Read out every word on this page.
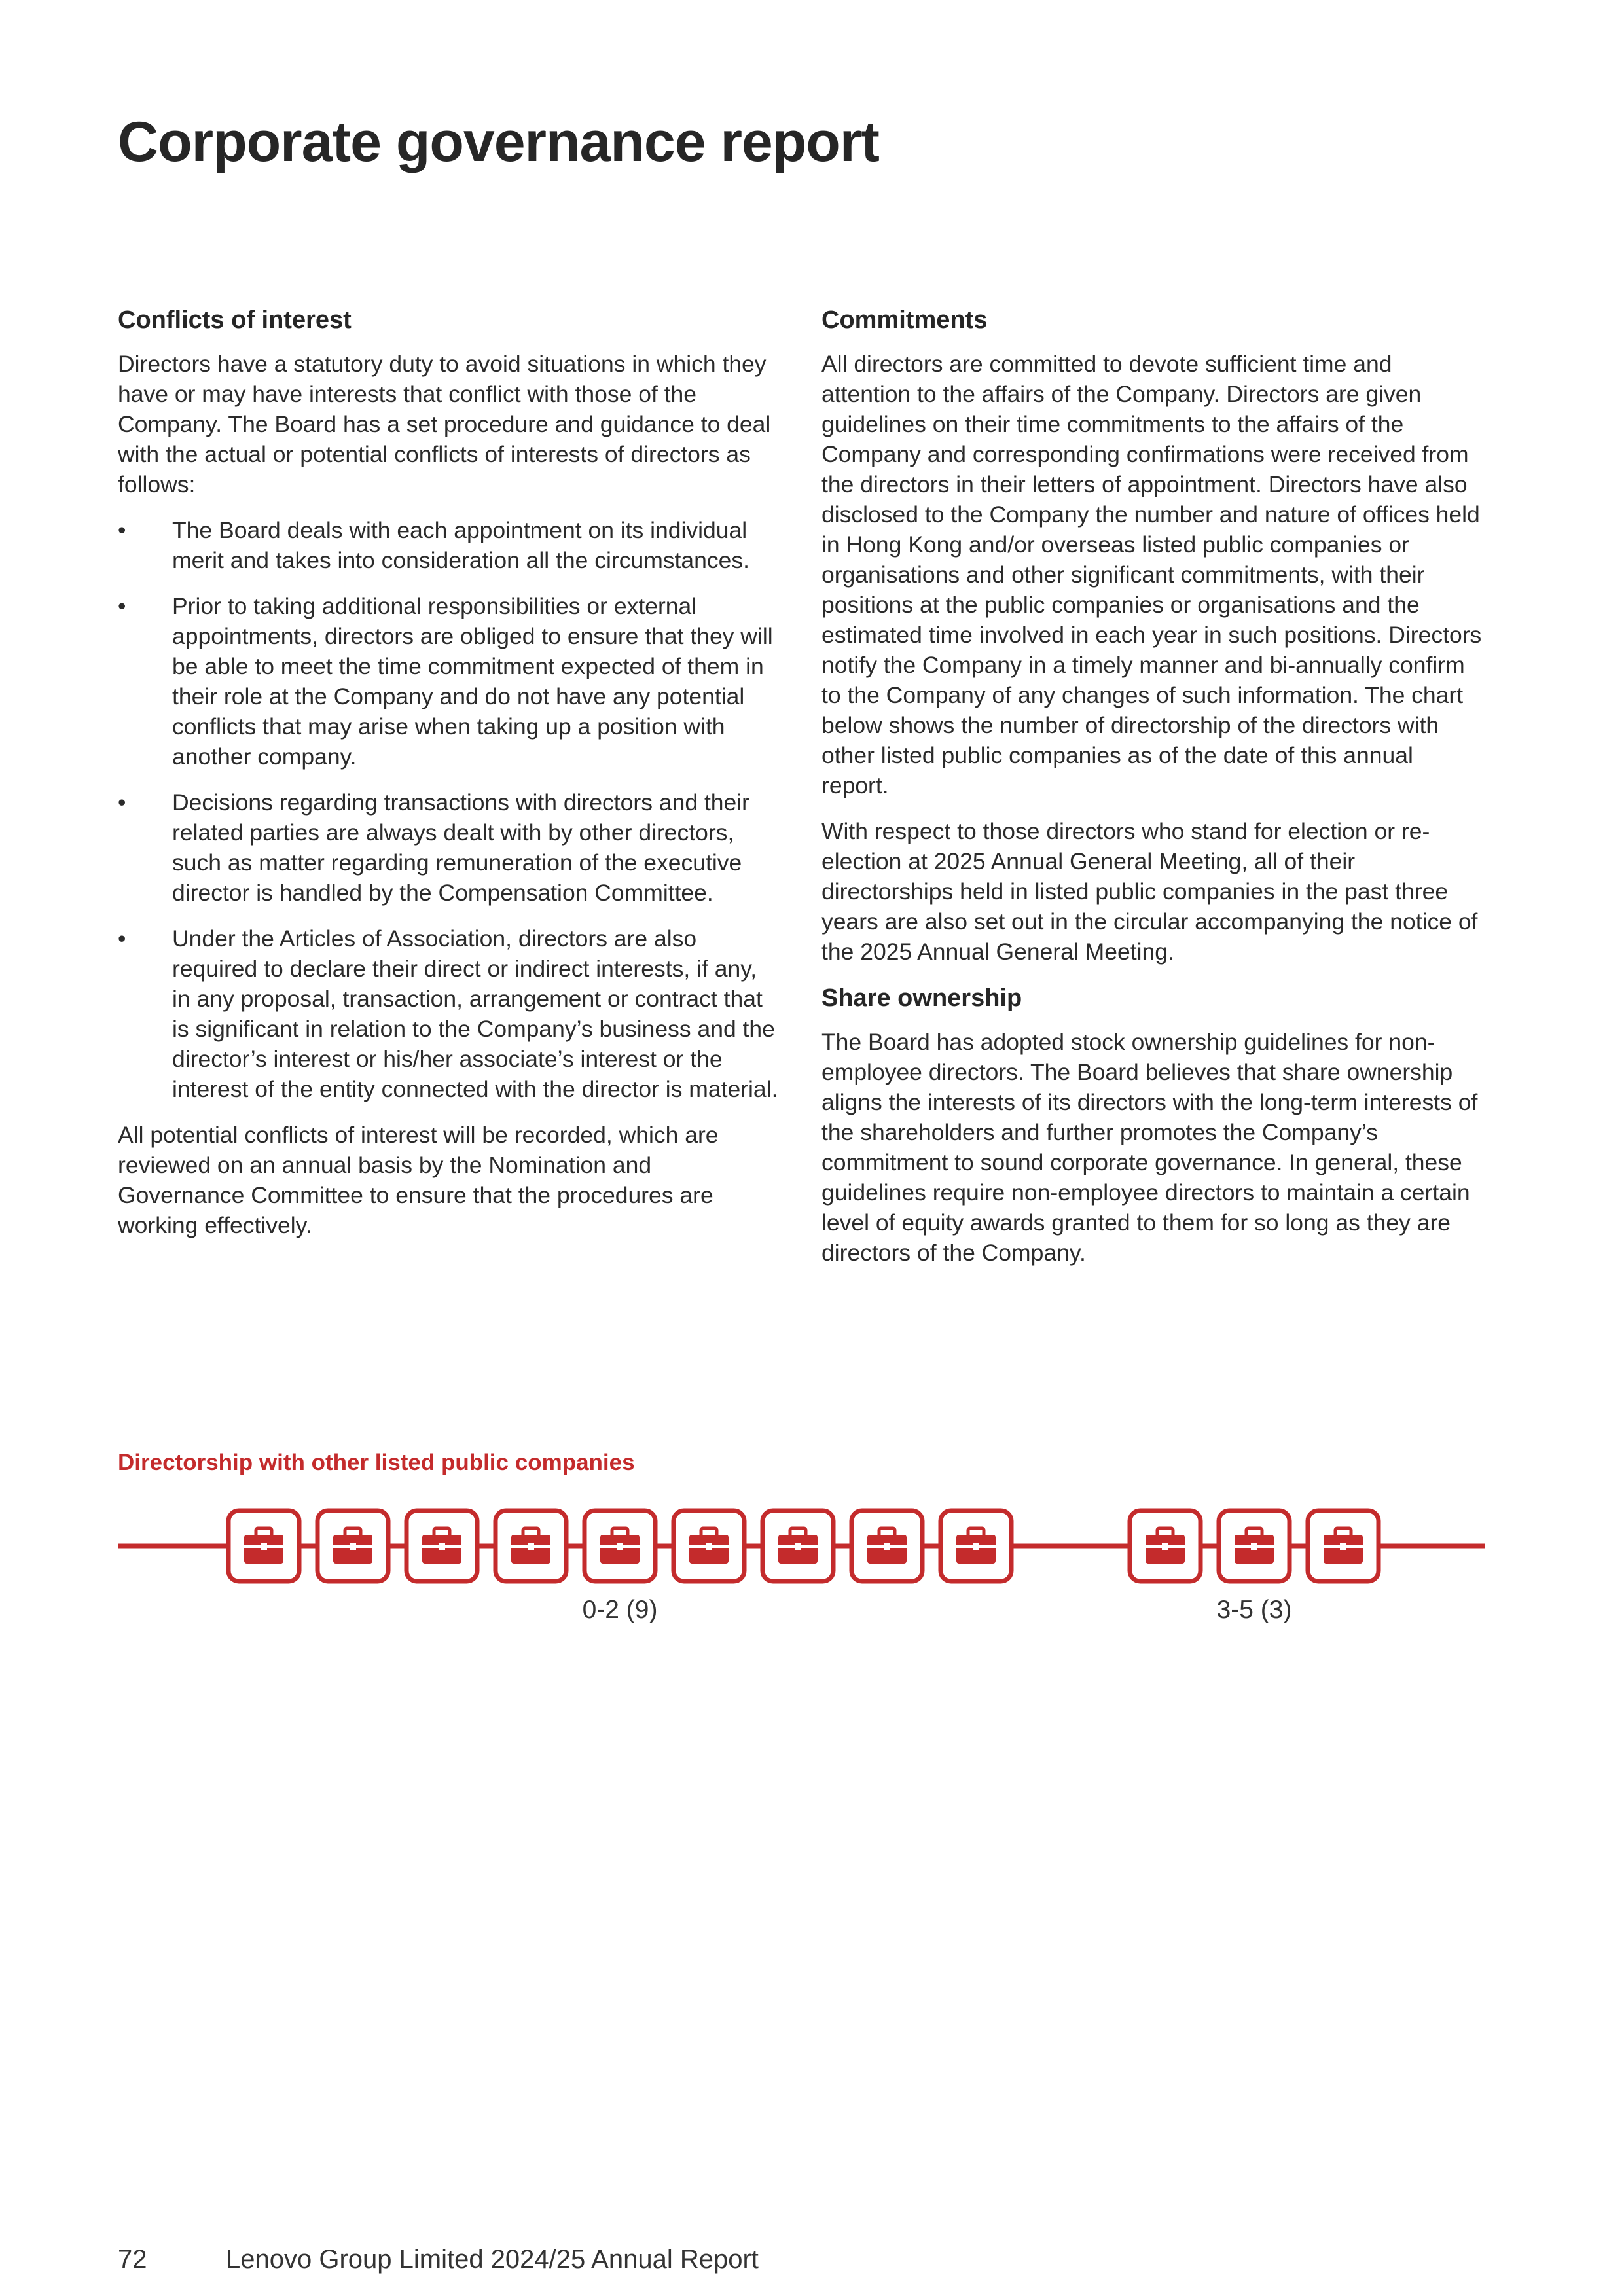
Corporate governance report
Conflicts of interest

Directors have a statutory duty to avoid situations in which they have or may have interests that conflict with those of the Company. The Board has a set procedure and guidance to deal with the actual or potential conflicts of interests of directors as follows:

• The Board deals with each appointment on its individual merit and takes into consideration all the circumstances.
• Prior to taking additional responsibilities or external appointments, directors are obliged to ensure that they will be able to meet the time commitment expected of them in their role at the Company and do not have any potential conflicts that may arise when taking up a position with another company.
• Decisions regarding transactions with directors and their related parties are always dealt with by other directors, such as matter regarding remuneration of the executive director is handled by the Compensation Committee.
• Under the Articles of Association, directors are also required to declare their direct or indirect interests, if any, in any proposal, transaction, arrangement or contract that is significant in relation to the Company’s business and the director’s interest or his/her associate’s interest or the interest of the entity connected with the director is material.

All potential conflicts of interest will be recorded, which are reviewed on an annual basis by the Nomination and Governance Committee to ensure that the procedures are working effectively.

Commitments

All directors are committed to devote sufficient time and attention to the affairs of the Company. Directors are given guidelines on their time commitments to the affairs of the Company and corresponding confirmations were received from the directors in their letters of appointment. Directors have also disclosed to the Company the number and nature of offices held in Hong Kong and/or overseas listed public companies or organisations and other significant commitments, with their positions at the public companies or organisations and the estimated time involved in each year in such positions. Directors notify the Company in a timely manner and bi-annually confirm to the Company of any changes of such information. The chart below shows the number of directorship of the directors with other listed public companies as of the date of this annual report.

With respect to those directors who stand for election or re-election at 2025 Annual General Meeting, all of their directorships held in listed public companies in the past three years are also set out in the circular accompanying the notice of the 2025 Annual General Meeting.

Share ownership

The Board has adopted stock ownership guidelines for non-employee directors. The Board believes that share ownership aligns the interests of its directors with the long-term interests of the shareholders and further promotes the Company’s commitment to sound corporate governance. In general, these guidelines require non-employee directors to maintain a certain level of equity awards granted to them for so long as they are directors of the Company.

Directorship with other listed public companies
0-2 (9)	3-5 (3)
72	Lenovo Group Limited 2024/25 Annual Report
